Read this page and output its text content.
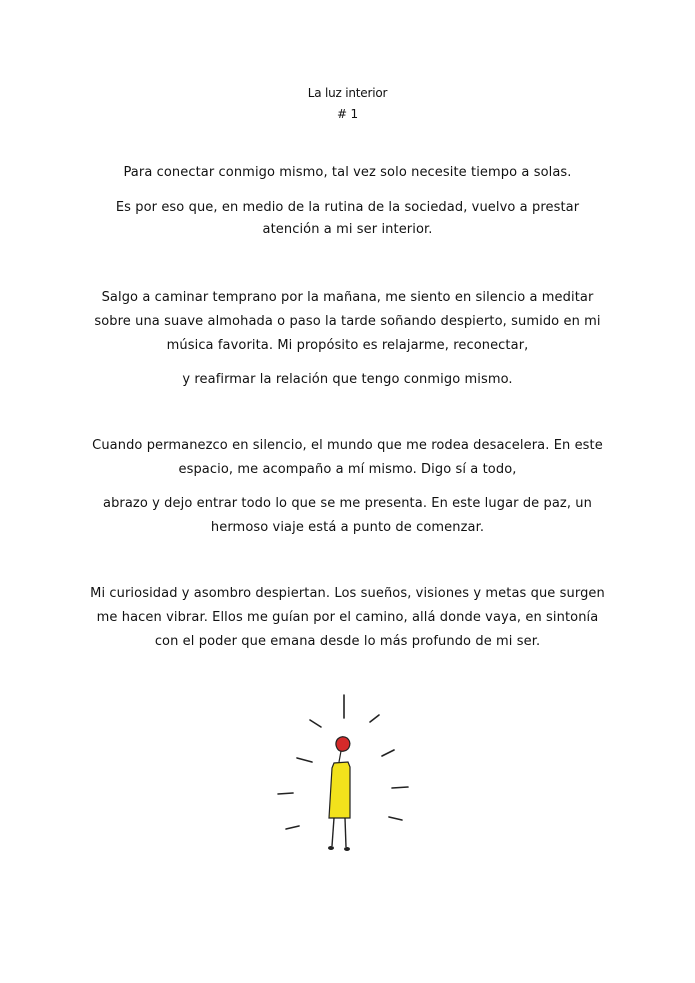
La luz interior
# 1
Para conectar conmigo mismo, tal vez solo necesite tiempo a solas.
Es por eso que, en medio de la rutina de la sociedad, vuelvo a prestar
atención a mi ser interior.
Salgo a caminar temprano por la mañana, me siento en silencio a meditar
sobre una suave almohada o paso la tarde soñando despierto, sumido en mi
música favorita. Mi propósito es relajarme, reconectar,
y reafirmar la relación que tengo conmigo mismo.
Cuando permanezco en silencio, el mundo que me rodea desacelera. En este
espacio, me acompaño a mí mismo. Digo sí a todo,
abrazo y dejo entrar todo lo que se me presenta. En este lugar de paz, un
hermoso viaje está a punto de comenzar.
Mi curiosidad y asombro despiertan. Los sueños, visiones y metas que surgen
me hacen vibrar. Ellos me guían por el camino, allá donde vaya, en sintonía
con el poder que emana desde lo más profundo de mi ser.
